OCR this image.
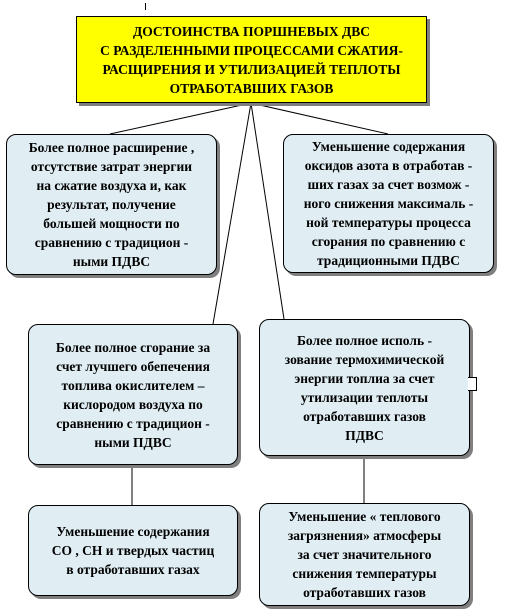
ДОСТОИНСТВА ПОРШНЕВЫХ ДВС
С РАЗДЕЛЕННЫМИ ПРОЦЕССАМИ СЖАТИЯ-
РАСЩИРЕНИЯ И УТИЛИЗАЦИЕЙ ТЕПЛОТЫ
ОТРАБОТАВШИХ ГАЗОВ
Более полное расширение ,
отсутствие затрат энергии
на сжатие воздуха и, как
результат, получение
большей мощности по
сравнению с традицион -
ными ПДВС
Уменьшение содержания
оксидов азота в отработав -
ших газах за счет возмож -
ного снижения максималь -
ной температуры процесса
сгорания по сравнению с
традиционными ПДВС
Более полное сгорание за
счет лучшего обепечения
топлива окислителем –
кислородом воздуха по
сравнению с традицион -
ными ПДВС
Более полное исполь -
зование термохимической
энергии топлиа за счет
утилизации теплоты
отработавших газов
ПДВС
Уменьшение содержания
СО , СН и твердых частиц
в отработавших газах
Уменьшение « теплового
загрязнения» атмосферы
за счет значительного
снижения температуры
отработавших газов
